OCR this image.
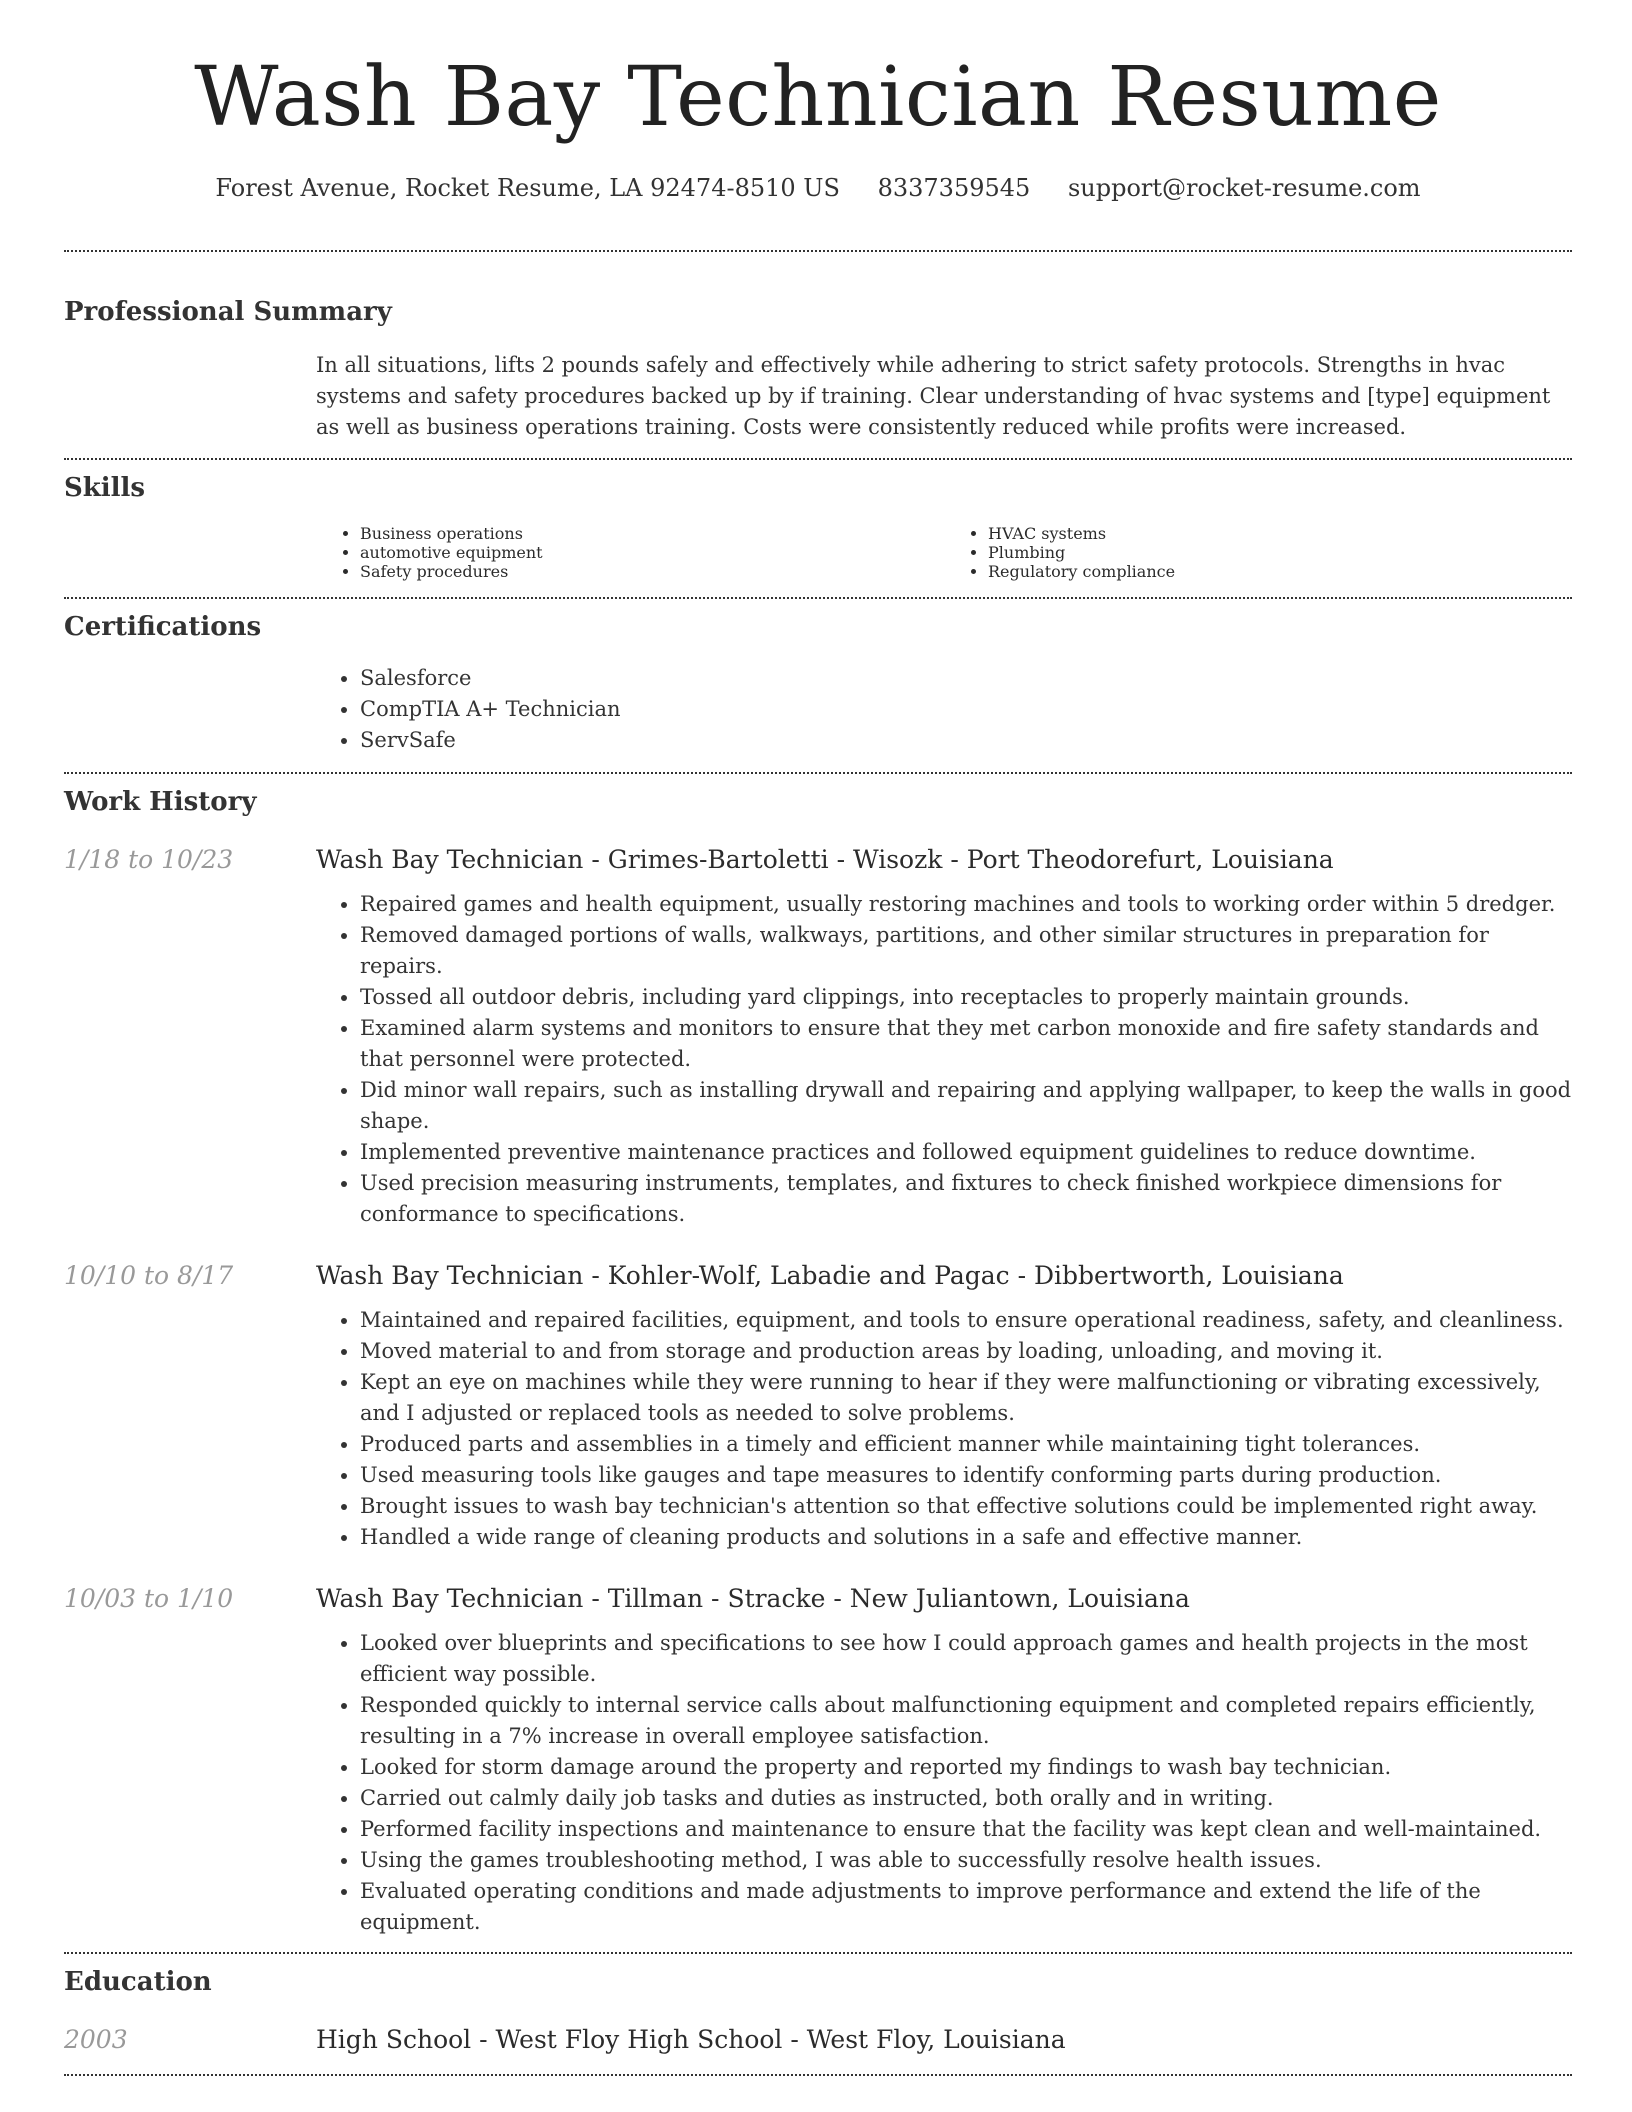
Wash Bay Technician Resume
Forest Avenue, Rocket Resume, LA 92474-8510 US 8337359545 support@rocket-resume.com
Professional Summary
In all situations, lifts 2 pounds safely and effectively while adhering to strict safety protocols. Strengths in hvac systems and safety procedures backed up by if training. Clear understanding of hvac systems and [type] equipment as well as business operations training. Costs were consistently reduced while profits were increased.
Skills
• Business operations
• automotive equipment
• Safety procedures
• HVAC systems
• Plumbing
• Regulatory compliance
Certifications
• Salesforce
• CompTIA A+ Technician
• ServSafe
Work History
1/18 to 10/23	Wash Bay Technician - Grimes-Bartoletti - Wisozk - Port Theodorefurt, Louisiana
• Repaired games and health equipment, usually restoring machines and tools to working order within 5 dredger.
• Removed damaged portions of walls, walkways, partitions, and other similar structures in preparation for repairs.
• Tossed all outdoor debris, including yard clippings, into receptacles to properly maintain grounds.
• Examined alarm systems and monitors to ensure that they met carbon monoxide and fire safety standards and that personnel were protected.
• Did minor wall repairs, such as installing drywall and repairing and applying wallpaper, to keep the walls in good shape.
• Implemented preventive maintenance practices and followed equipment guidelines to reduce downtime.
• Used precision measuring instruments, templates, and fixtures to check finished workpiece dimensions for conformance to specifications.
10/10 to 8/17	Wash Bay Technician - Kohler-Wolf, Labadie and Pagac - Dibbertworth, Louisiana
• Maintained and repaired facilities, equipment, and tools to ensure operational readiness, safety, and cleanliness.
• Moved material to and from storage and production areas by loading, unloading, and moving it.
• Kept an eye on machines while they were running to hear if they were malfunctioning or vibrating excessively, and I adjusted or replaced tools as needed to solve problems.
• Produced parts and assemblies in a timely and efficient manner while maintaining tight tolerances.
• Used measuring tools like gauges and tape measures to identify conforming parts during production.
• Brought issues to wash bay technician's attention so that effective solutions could be implemented right away.
• Handled a wide range of cleaning products and solutions in a safe and effective manner.
10/03 to 1/10	Wash Bay Technician - Tillman - Stracke - New Juliantown, Louisiana
• Looked over blueprints and specifications to see how I could approach games and health projects in the most efficient way possible.
• Responded quickly to internal service calls about malfunctioning equipment and completed repairs efficiently, resulting in a 7% increase in overall employee satisfaction.
• Looked for storm damage around the property and reported my findings to wash bay technician.
• Carried out calmly daily job tasks and duties as instructed, both orally and in writing.
• Performed facility inspections and maintenance to ensure that the facility was kept clean and well-maintained.
• Using the games troubleshooting method, I was able to successfully resolve health issues.
• Evaluated operating conditions and made adjustments to improve performance and extend the life of the equipment.
Education
2003	High School - West Floy High School - West Floy, Louisiana
